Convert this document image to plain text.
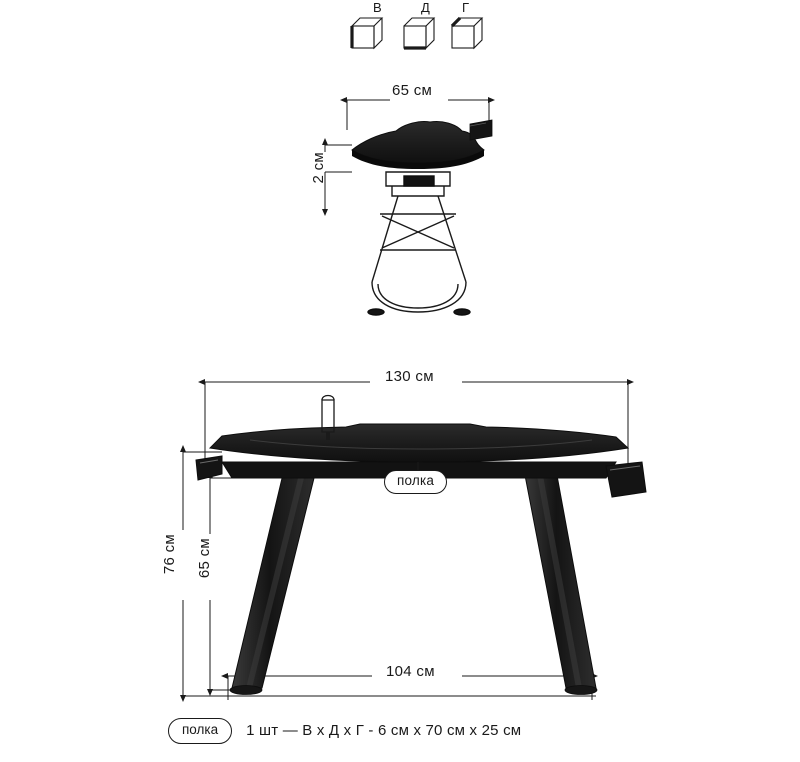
В	Д Г
65 см
2 см
130 см
76 см 65 см
104 см
полка
полка	1 шт — В х Д х Г - 6 см x 70 см x 25 см
